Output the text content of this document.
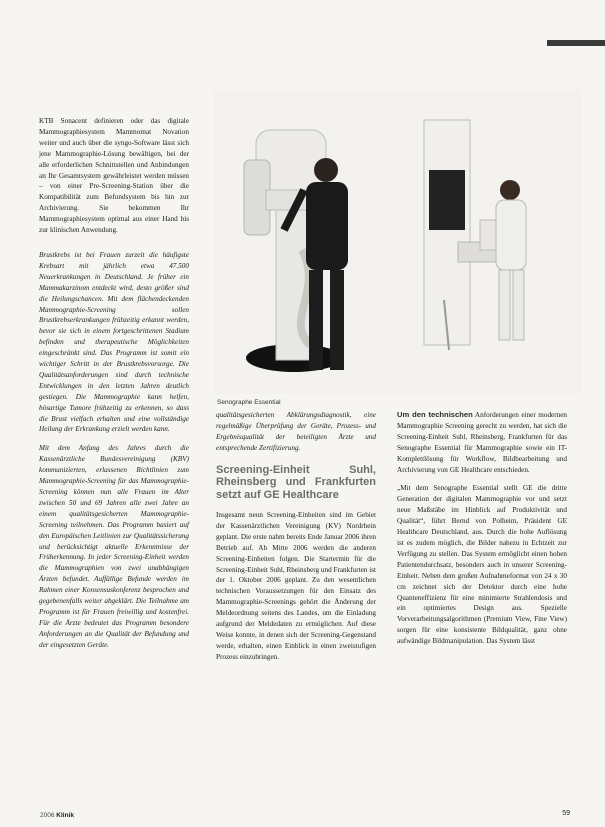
KTB Sonacent definieren oder das digitale Mammographiesystem Mammomat Novation weiter und auch über die syngo-Software lässt sich jene Mammographie-Lösung bewältigen, bei der alle erforderlichen Schnittstellen und Anbindungen an Ihr Gesamtsystem gewährleistet werden müssen – von einer Pre-Screening-Station über die Kompatibilität zum Befundsystem bis hin zur Archivierung. Sie bekommen Ihr Mammographiesystem optimal aus einer Hand bis zur klinischen Anwendung.

Brustkrebs ist bei Frauen zurzeit die häufigste Krebsart mit jährlich etwa 47.500 Neuerkrankungen in Deutschland. Je früher ein Mammakarzinom entdeckt wird, desto größer sind die Heilungschancen. Mit dem flächendeckenden Mammographie-Screening sollen Brustkrebserkrankungen frühzeitig erkannt werden, bevor sie sich in einem fortgeschrittenen Stadium befinden und therapeutische Möglichkeiten eingeschränkt sind. Das Programm ist somit ein wichtiger Schritt in der Brustkrebsvorsorge. Die Qualitätsanforderungen sind durch technische Entwicklungen in den letzten Jahren deutlich gestiegen. Die Mammographie kann helfen, bösartige Tumore frühzeitig zu erkennen, so dass die Brust vielfach erhalten und eine vollständige Heilung der Erkrankung erzielt werden kann.

Mit dem Anfang des Jahres durch die Kassenärztliche Bundesvereinigung (KBV) kommunizierten, erlassenen Richtlinien zum Mammographie-Screening für das Mammographie-Screening können nun alle Frauen im Alter zwischen 50 und 69 Jahren alle zwei Jahre an einem qualitätsgesicherten Mammographie-Screening teilnehmen. Das Programm basiert auf den Europäischen Leitlinien zur Qualitätssicherung und berücksichtigt aktuelle Erkenntnisse der Früherkennung. In jeder Screening-Einheit werden die Mammographien von zwei unabhängigen Ärzten befundet. Auffällige Befunde werden im Rahmen einer Konsensuskonferenz besprochen und gegebenenfalls weiter abgeklärt. Die Teilnahme am Programm ist für Frauen freiwillig und kostenfrei. Für die Ärzte bedeutet das Programm besondere Anforderungen an die Qualität der Befundung und der eingesetzten Geräte.

Senographe Essential

qualitätsgesicherten Abklärungsdiagnostik, eine regelmäßige Überprüfung der Geräte, Prozess- und Ergebnisqualität der beteiligten Ärzte und entsprechende Zertifizierung.

Screening-Einheit Suhl, Rheinsberg und Frankfurten setzt auf GE Healthcare

Insgesamt neun Screening-Einheiten sind im Gebiet der Kassenärztlichen Vereinigung (KV) Nordrhein geplant. Die erste nahm bereits Ende Januar 2006 ihren Betrieb auf. Ab Mitte 2006 werden die anderen Screening-Einheiten folgen. Die Startermin für die Screening-Einheit Suhl, Rheinsberg und Frankfurten ist der 1. Oktober 2006 geplant. Zu den wesentlichen technischen Voraussetzungen für den Einsatz des Mammographie-Screenings gehört die Änderung der Meldeordnung seitens des Landes, um die Einladung aufgrund der Meldedaten zu ermöglichen. Auf diese Weise konnte, in denen sich der Screening-Gegenstand werde, erhalten, einen Einblick in einen zweistufigen Prozess einzubringen.

Um den technischen Anforderungen einer modernen Mammographie Screening gerecht zu werden, hat sich die Screening-Einheit Suhl, Rheinsberg, Frankfurten für das Senographe Essential für Mammographie sowie ein IT-Komplettlösung für Workflow, Bildbearbeitung und Archivierung von GE Healthcare entschieden.

„Mit dem Senographe Essential stellt GE die dritte Generation der digitalen Mammographie vor und setzt neue Maßstäbe im Hinblick auf Produktivität und Qualität“, führt Bernd von Polheim, Präsident GE Healthcare Deutschland, aus. Durch die hohe Auflösung ist es zudem möglich, die Bilder nahezu in Echtzeit zur Verfügung zu stellen. Das System ermöglicht einen hohen Patientendurchsatz, besonders auch in unserer Screening-Einheit. Neben dem großen Aufnahmeformat von 24 x 30 cm zeichnet sich der Detektor durch eine hohe Quanteneffizienz für eine minimierte Strahlendosis und ein optimiertes Design aus. Spezielle Vorverarbeitungsalgorithmen (Premium View, Fine View) sorgen für eine konsistente Bildqualität, ganz ohne aufwändige Bildmanipulation. Das System lässt

2006 Klinik	59
